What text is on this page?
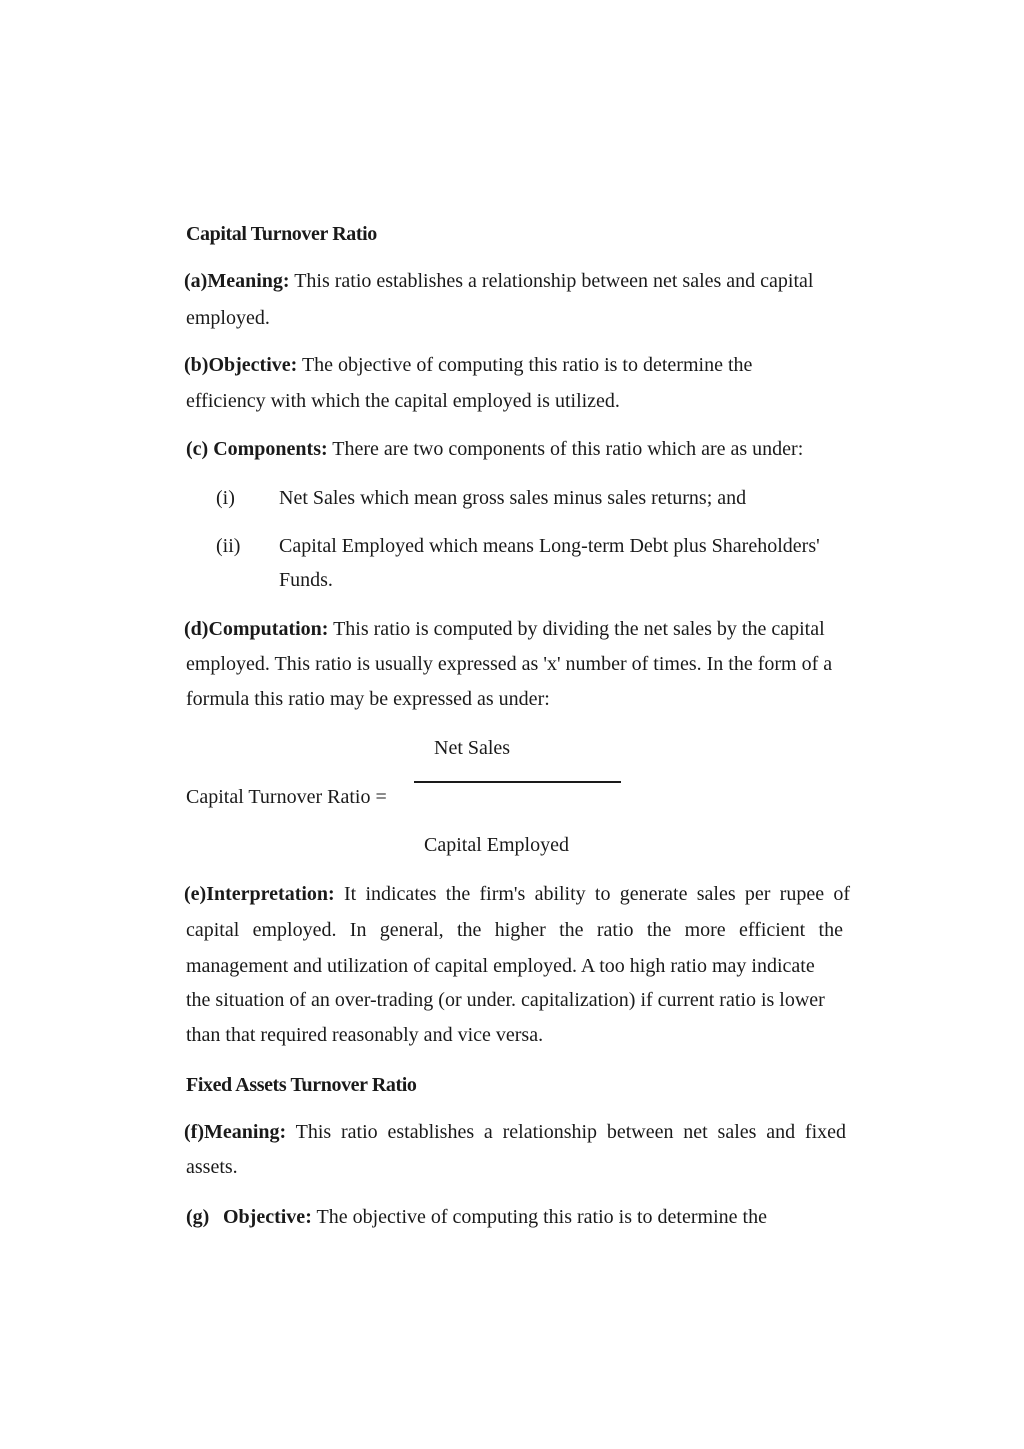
Capital Turnover Ratio
(a)Meaning: This ratio establishes a relationship between net sales and capital
employed.
(b)Objective: The objective of computing this ratio is to determine the
efficiency with which the capital employed is utilized.
(c) Components: There are two components of this ratio which are as under:
(i) Net Sales which mean gross sales minus sales returns; and
(ii) Capital Employed which means Long-term Debt plus Shareholders'
Funds.
(d)Computation: This ratio is computed by dividing the net sales by the capital
employed. This ratio is usually expressed as 'x' number of times. In the form of a
formula this ratio may be expressed as under:
Net Sales
Capital Turnover Ratio =
Capital Employed
(e)Interpretation: It indicates the firm's ability to generate sales per rupee of
capital employed. In general, the higher the ratio the more efficient the
management and utilization of capital employed. A too high ratio may indicate
the situation of an over-trading (or under. capitalization) if current ratio is lower
than that required reasonably and vice versa.
Fixed Assets Turnover Ratio
(f)Meaning: This ratio establishes a relationship between net sales and fixed
assets.
(g) Objective: The objective of computing this ratio is to determine the
